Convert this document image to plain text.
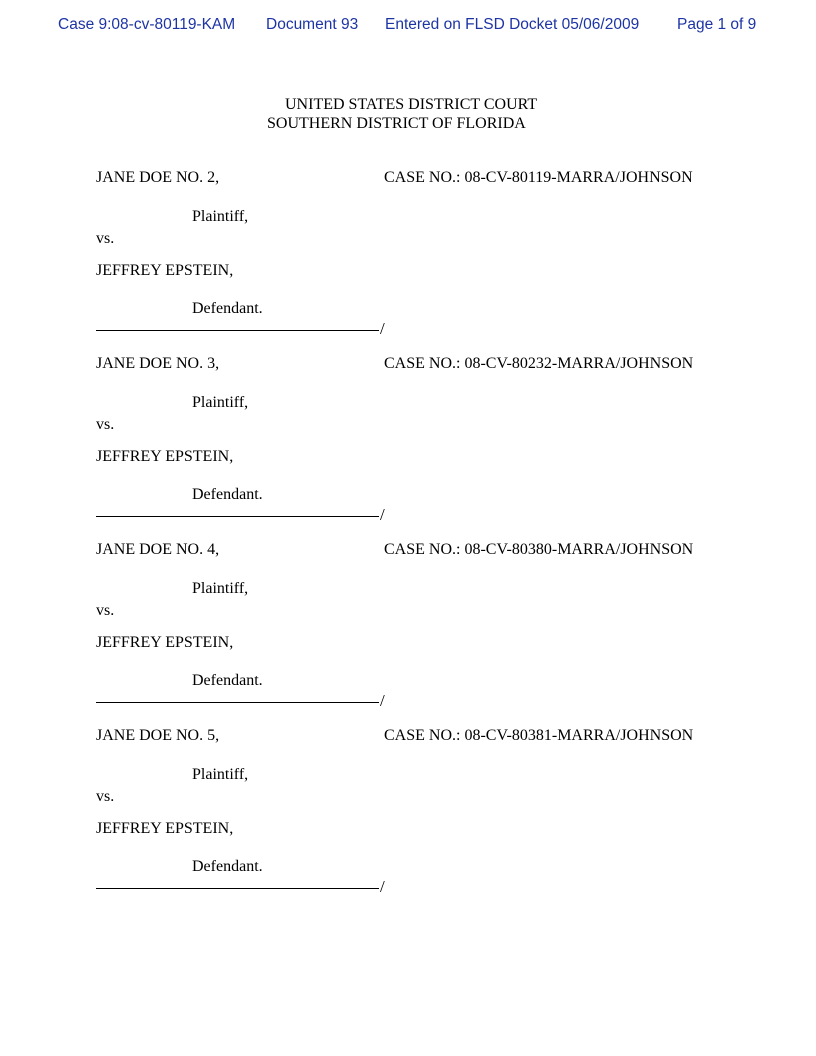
Case 9:08-cv-80119-KAM Document 93 Entered on FLSD Docket 05/06/2009 Page 1 of 9
UNITED STATES DISTRICT COURT
SOUTHERN DISTRICT OF FLORIDA
JANE DOE NO. 2,	CASE NO.: 08-CV-80119-MARRA/JOHNSON
Plaintiff,
vs.
JEFFREY EPSTEIN,
Defendant.
/
JANE DOE NO. 3,	CASE NO.: 08-CV-80232-MARRA/JOHNSON
Plaintiff,
vs.
JEFFREY EPSTEIN,
Defendant.
/
JANE DOE NO. 4,	CASE NO.: 08-CV-80380-MARRA/JOHNSON
Plaintiff,
vs.
JEFFREY EPSTEIN,
Defendant.
/
JANE DOE NO. 5,	CASE NO.: 08-CV-80381-MARRA/JOHNSON
Plaintiff,
vs.
JEFFREY EPSTEIN,
Defendant.
/
